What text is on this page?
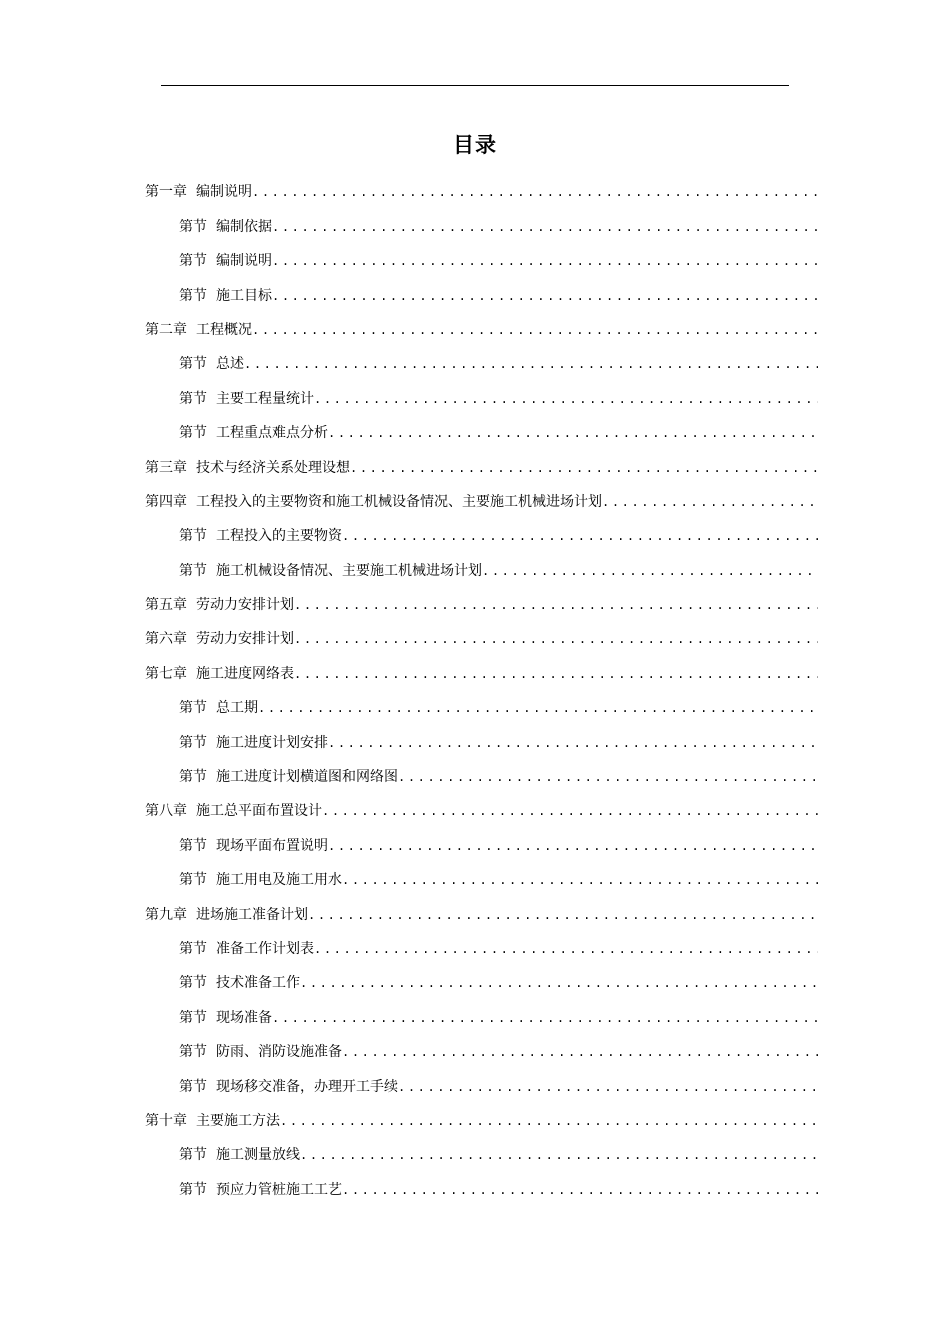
目录
第一章 编制说明
.....
第节 编制依据
.....
第节 编制说明
.....
第节 施工目标
.....
第二章 工程概况
.....
第节 总述
.....
第节 主要工程量统计
.....
第节 工程重点难点分析
.....
第三章 技术与经济关系处理设想
.....
第四章 工程投入的主要物资和施工机械设备情况、主要施工机械进场计划
.....
第节 工程投入的主要物资
.....
第节 施工机械设备情况、主要施工机械进场计划
.....
第五章 劳动力安排计划
.....
第六章 劳动力安排计划
.....
第七章 施工进度网络表
.....
第节 总工期
.....
第节 施工进度计划安排
.....
第节 施工进度计划横道图和网络图
.....
第八章 施工总平面布置设计
.....
第节 现场平面布置说明
.....
第节 施工用电及施工用水
.....
第九章 进场施工准备计划
.....
第节 准备工作计划表
.....
第节 技术准备工作
.....
第节 现场准备
.....
第节 防雨、消防设施准备
.....
第节 现场移交准备，办理开工手续
.....
第十章 主要施工方法
.....
第节 施工测量放线
.....
第节 预应力管桩施工工艺
.....
